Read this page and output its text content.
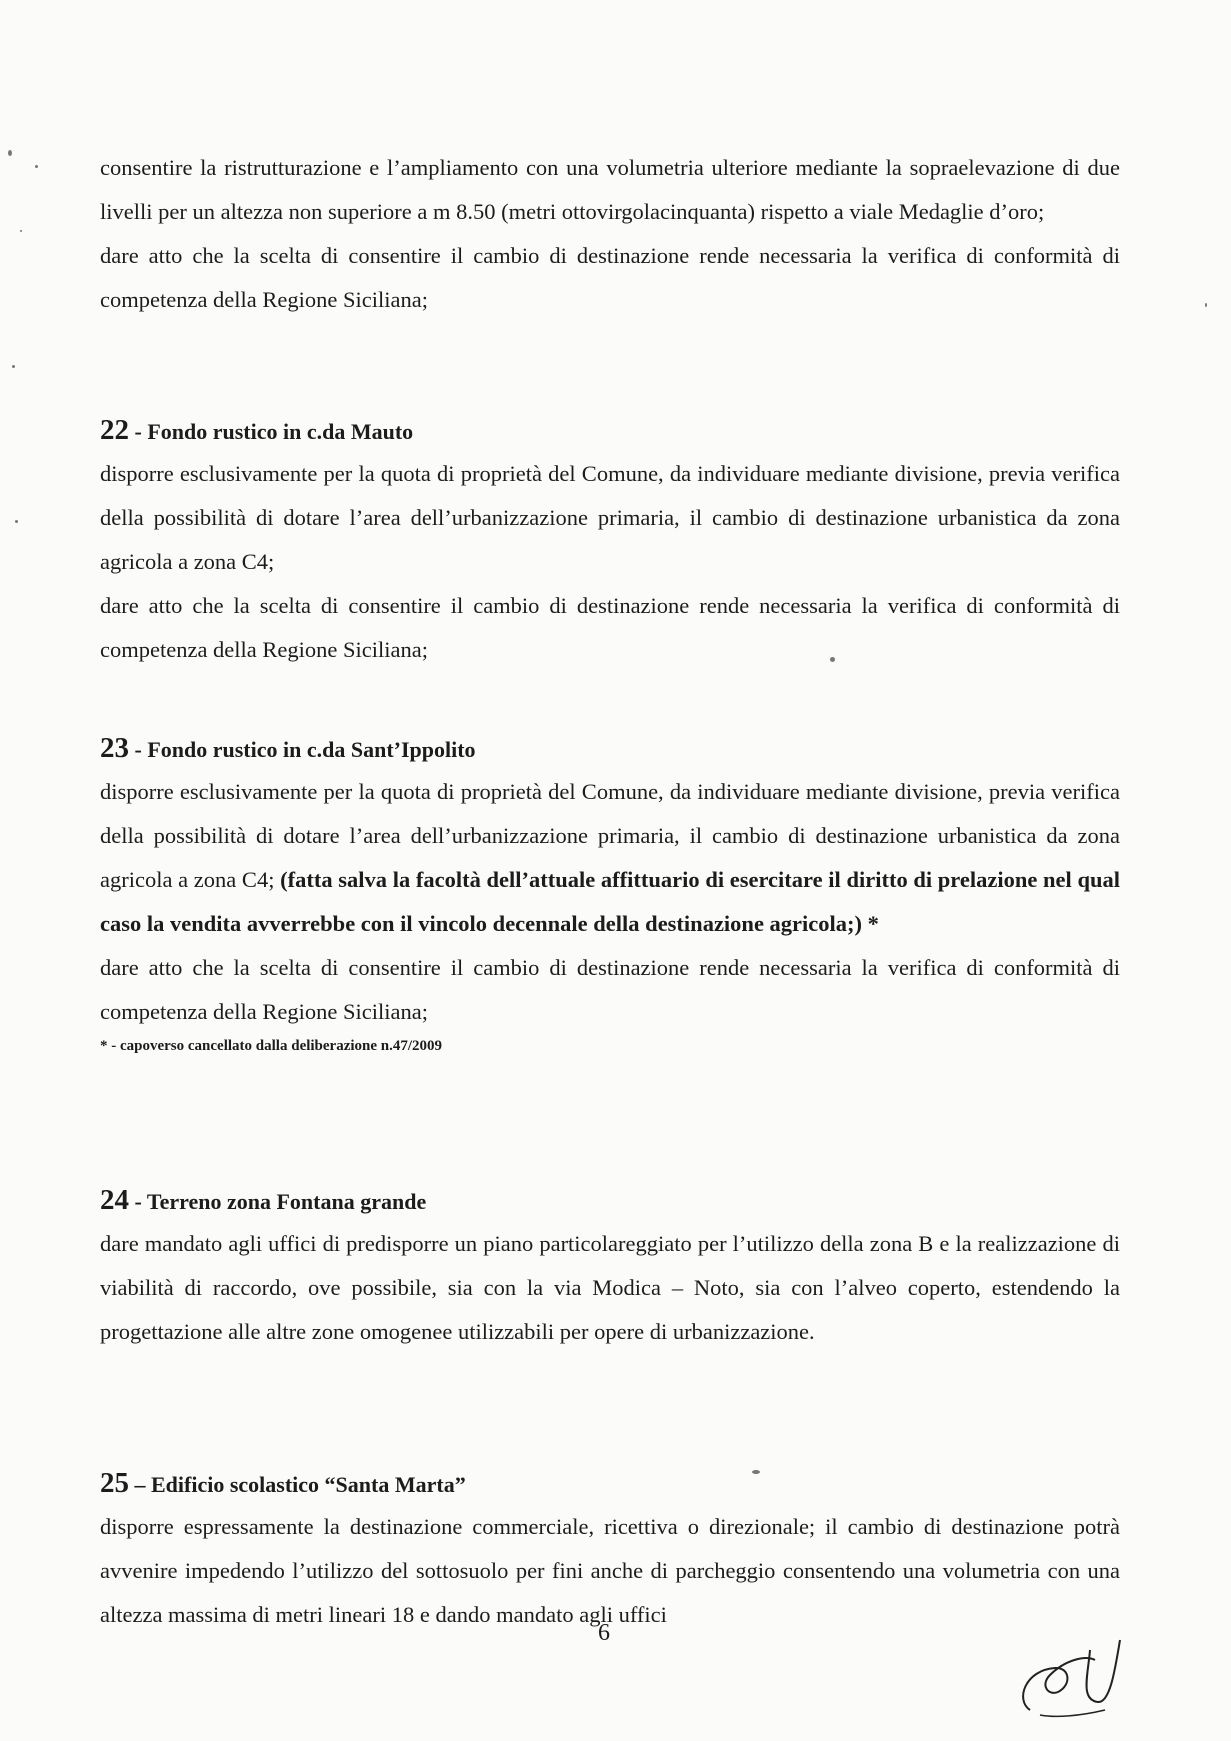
consentire la ristrutturazione e l’ampliamento con una volumetria ulteriore mediante la sopraelevazione di due livelli per un altezza non superiore a m 8.50 (metri ottovirgolacinquanta) rispetto a viale Medaglie d’oro;

dare atto che la scelta di consentire il cambio di destinazione rende necessaria la verifica di conformità di competenza della Regione Siciliana;

22 - Fondo rustico in c.da Mauto

disporre esclusivamente per la quota di proprietà del Comune, da individuare mediante divisione, previa verifica della possibilità di dotare l’area dell’urbanizzazione primaria, il cambio di destinazione urbanistica da zona agricola a zona C4;

dare atto che la scelta di consentire il cambio di destinazione rende necessaria la verifica di conformità di competenza della Regione Siciliana;

23 - Fondo rustico in c.da Sant’Ippolito

disporre esclusivamente per la quota di proprietà del Comune, da individuare mediante divisione, previa verifica della possibilità di dotare l’area dell’urbanizzazione primaria, il cambio di destinazione urbanistica da zona agricola a zona C4; (fatta salva la facoltà dell’attuale affittuario di esercitare il diritto di prelazione nel qual caso la vendita avverrebbe con il vincolo decennale della destinazione agricola;) *

dare atto che la scelta di consentire il cambio di destinazione rende necessaria la verifica di conformità di competenza della Regione Siciliana;

* - capoverso cancellato dalla deliberazione n.47/2009

24 - Terreno zona Fontana grande

dare mandato agli uffici di predisporre un piano particolareggiato per l’utilizzo della zona B e la realizzazione di viabilità di raccordo, ove possibile, sia con la via Modica – Noto, sia con l’alveo coperto, estendendo la progettazione alle altre zone omogenee utilizzabili per opere di urbanizzazione.

25 – Edificio scolastico “Santa Marta”

disporre espressamente la destinazione commerciale, ricettiva o direzionale; il cambio di destinazione potrà avvenire impedendo l’utilizzo del sottosuolo per fini anche di parcheggio consentendo una volumetria con una altezza massima di metri lineari 18 e dando mandato agli uffici

6
